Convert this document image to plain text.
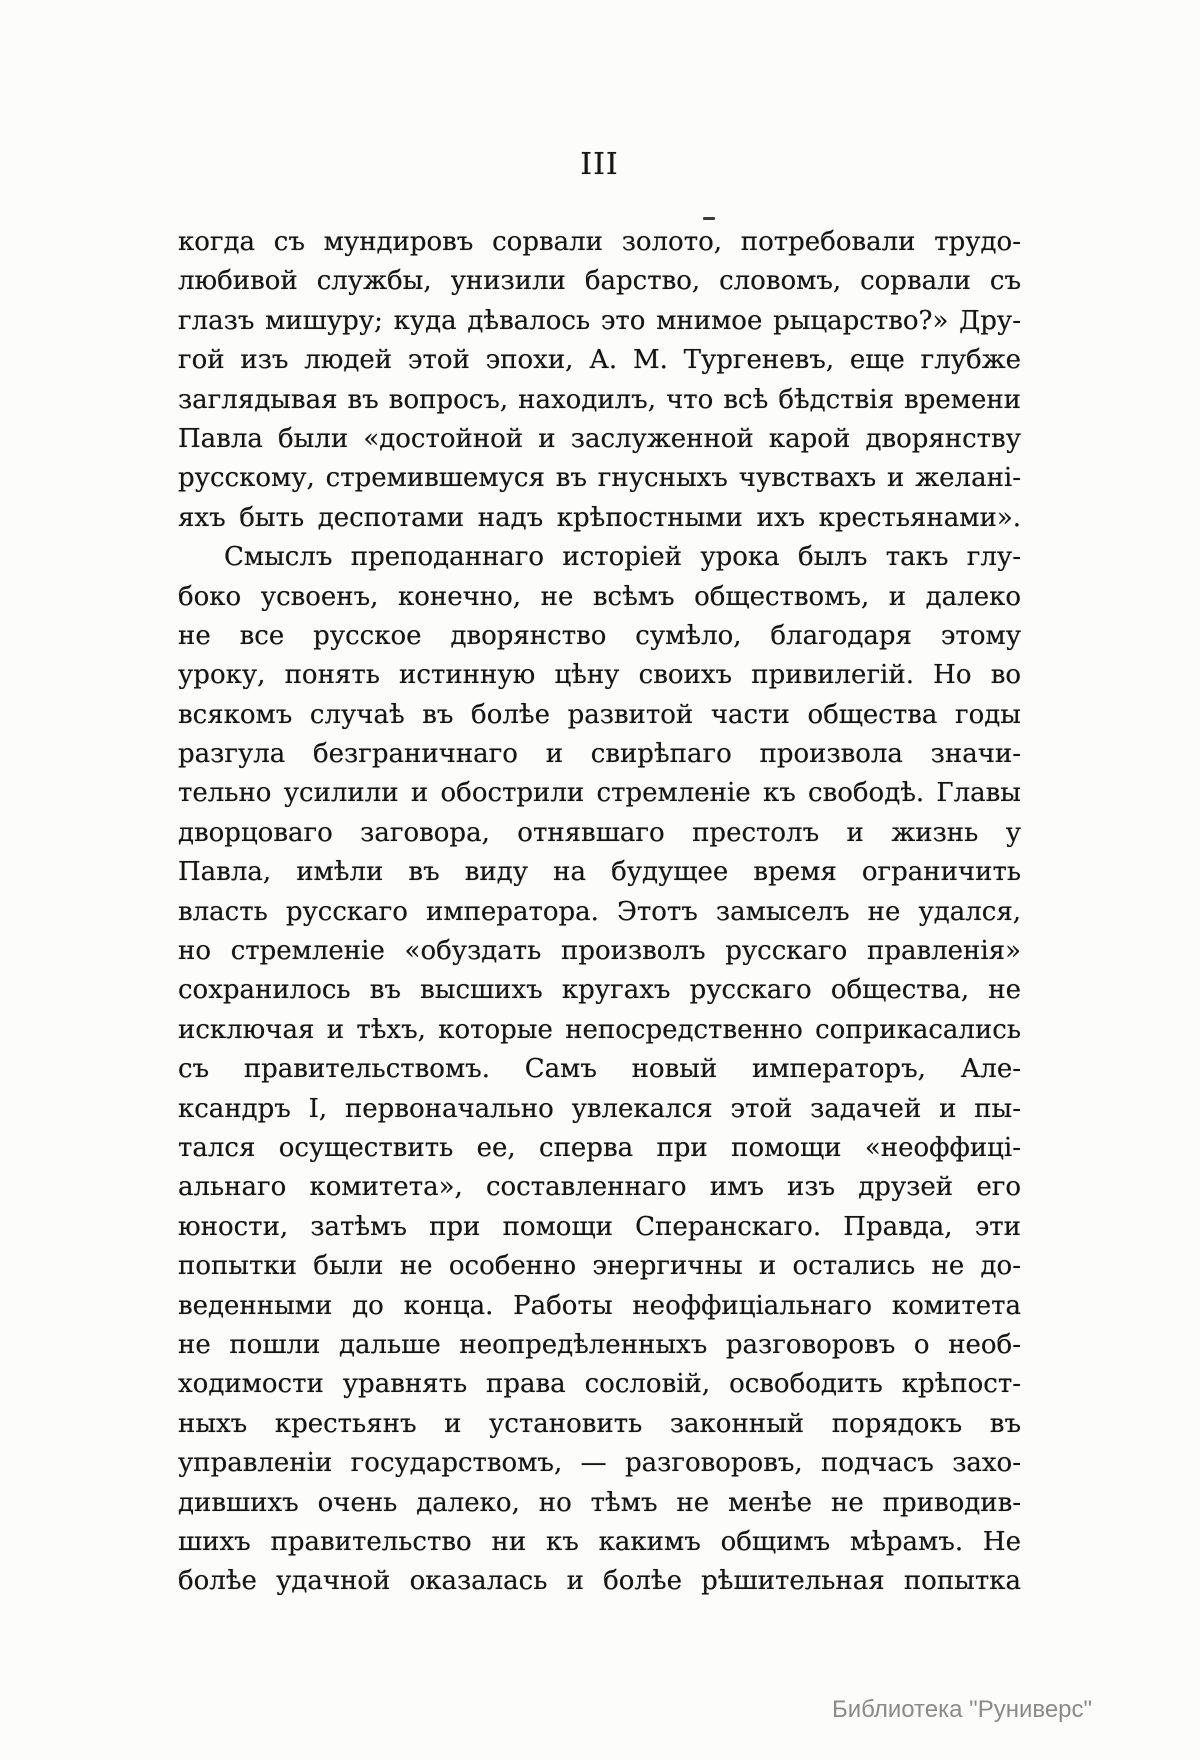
III
когда съ мундировъ сорвали золото, потребовали трудо-
любивой службы, унизили барство, словомъ, сорвали съ
глазъ мишуру; куда дѣвалось это мнимое рыцарство?» Дру-
гой изъ людей этой эпохи, А. М. Тургеневъ, еще глубже
заглядывая въ вопросъ, находилъ, что всѣ бѣдствія времени
Павла были «достойной и заслуженной карой дворянству
русскому, стремившемуся въ гнусныхъ чувствахъ и желані-
яхъ быть деспотами надъ крѣпостными ихъ крестьянами».
Смыслъ преподаннаго исторіей урока былъ такъ глу-
боко усвоенъ, конечно, не всѣмъ обществомъ, и далеко
не все русское дворянство сумѣло, благодаря этому
уроку, понять истинную цѣну своихъ привилегій. Но во
всякомъ случаѣ въ болѣе развитой части общества годы
разгула безграничнаго и свирѣпаго произвола значи-
тельно усилили и обострили стремленіе къ свободѣ. Главы
дворцоваго заговора, отнявшаго престолъ и жизнь у
Павла, имѣли въ виду на будущее время ограничить
власть русскаго императора. Этотъ замыселъ не удался,
но стремленіе «обуздать произволъ русскаго правленія»
сохранилось въ высшихъ кругахъ русскаго общества, не
исключая и тѣхъ, которые непосредственно соприкасались
съ правительствомъ. Самъ новый императоръ, Але-
ксандръ I, первоначально увлекался этой задачей и пы-
тался осуществить ее, сперва при помощи «неоффиці-
альнаго комитета», составленнаго имъ изъ друзей его
юности, затѣмъ при помощи Сперанскаго. Правда, эти
попытки были не особенно энергичны и остались не до-
веденными до конца. Работы неоффиціальнаго комитета
не пошли дальше неопредѣленныхъ разговоровъ о необ-
ходимости уравнять права сословій, освободить крѣпост-
ныхъ крестьянъ и установить законный порядокъ въ
управленіи государствомъ, — разговоровъ, подчасъ захо-
дившихъ очень далеко, но тѣмъ не менѣе не приводив-
шихъ правительство ни къ какимъ общимъ мѣрамъ. Не
болѣе удачной оказалась и болѣе рѣшительная попытка
Библиотека "Руниверс"
